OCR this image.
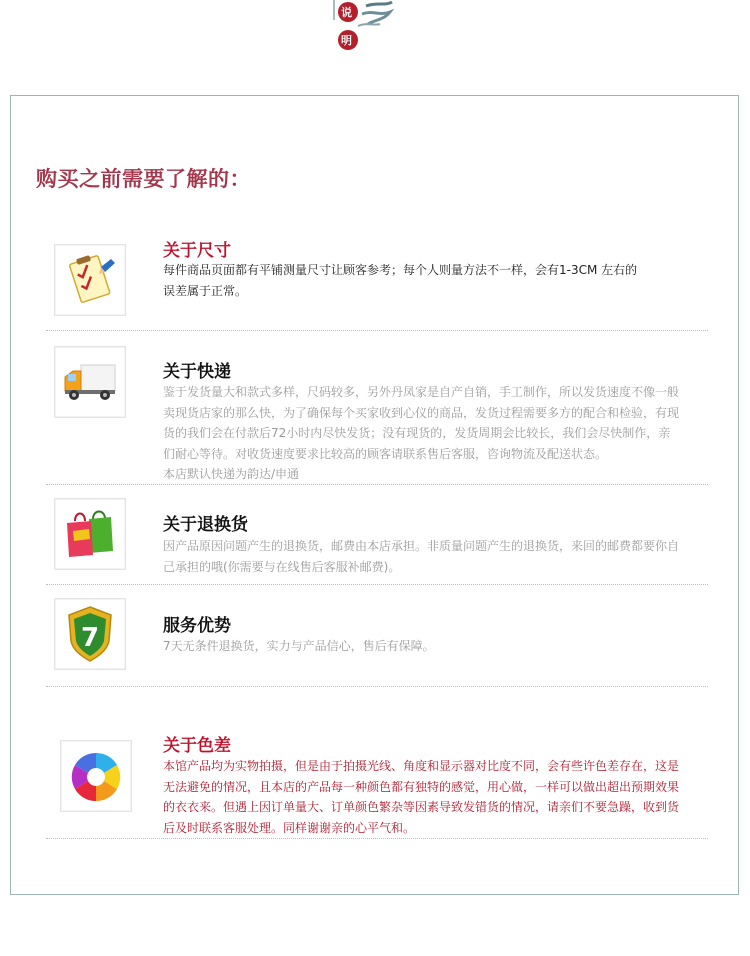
说
明
购买之前需要了解的：
关于尺寸
每件商品页面都有平铺测量尺寸让顾客参考；每个人则量方法不一样，会有1-3CM 左右的
误差属于正常。
关于快递
鉴于发货量大和款式多样，尺码较多，另外丹凤家是自产自销，手工制作，所以发货速度不像一般
卖现货店家的那么快，为了确保每个买家收到心仪的商品，发货过程需要多方的配合和检验，有现
货的我们会在付款后72小时内尽快发货；没有现货的，发货周期会比较长，我们会尽快制作，亲
们耐心等待。对收货速度要求比较高的顾客请联系售后客服，咨询物流及配送状态。
本店默认快递为韵达/申通
关于退换货
因产品原因问题产生的退换货，邮费由本店承担。非质量问题产生的退换货，来回的邮费都要你自
己承担的哦(你需要与在线售后客服补邮费)。
7	服务优势
7天无条件退换货，实力与产品信心，售后有保障。
关于色差
本馆产品均为实物拍摄，但是由于拍摄光线、角度和显示器对比度不同，会有些许色差存在，这是
无法避免的情况，且本店的产品每一种颜色都有独特的感觉，用心做，一样可以做出超出预期效果
的衣衣来。但遇上因订单量大、订单颜色繁杂等因素导致发错货的情况，请亲们不要急躁，收到货
后及时联系客服处理。同样谢谢亲的心平气和。
